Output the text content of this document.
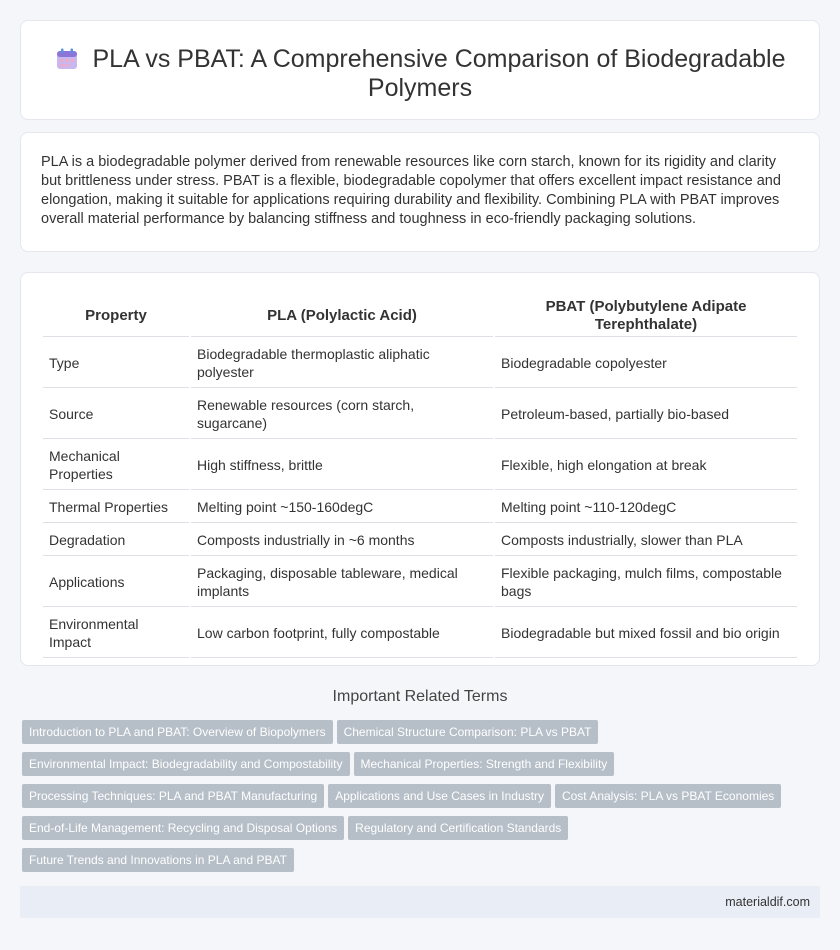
PLA vs PBAT: A Comprehensive Comparison of Biodegradable Polymers

PLA is a biodegradable polymer derived from renewable resources like corn starch, known for its rigidity and clarity but brittleness under stress. PBAT is a flexible, biodegradable copolymer that offers excellent impact resistance and elongation, making it suitable for applications requiring durability and flexibility. Combining PLA with PBAT improves overall material performance by balancing stiffness and toughness in eco-friendly packaging solutions.

Property	PLA (Polylactic Acid)	PBAT (Polybutylene Adipate Terephthalate)
Type	Biodegradable thermoplastic aliphatic polyester	Biodegradable copolyester
Source	Renewable resources (corn starch, sugarcane)	Petroleum-based, partially bio-based
Mechanical Properties	High stiffness, brittle	Flexible, high elongation at break
Thermal Properties	Melting point ~150-160degC	Melting point ~110-120degC
Degradation	Composts industrially in ~6 months	Composts industrially, slower than PLA
Applications	Packaging, disposable tableware, medical implants	Flexible packaging, mulch films, compostable bags
Environmental Impact	Low carbon footprint, fully compostable	Biodegradable but mixed fossil and bio origin
Important Related Terms
Introduction to PLA and PBAT: Overview of Biopolymers Chemical Structure Comparison: PLA vs PBAT
Environmental Impact: Biodegradability and Compostability Mechanical Properties: Strength and Flexibility
Processing Techniques: PLA and PBAT Manufacturing Applications and Use Cases in Industry Cost Analysis: PLA vs PBAT Economies
End-of-Life Management: Recycling and Disposal Options Regulatory and Certification Standards
Future Trends and Innovations in PLA and PBAT
materialdif.com
